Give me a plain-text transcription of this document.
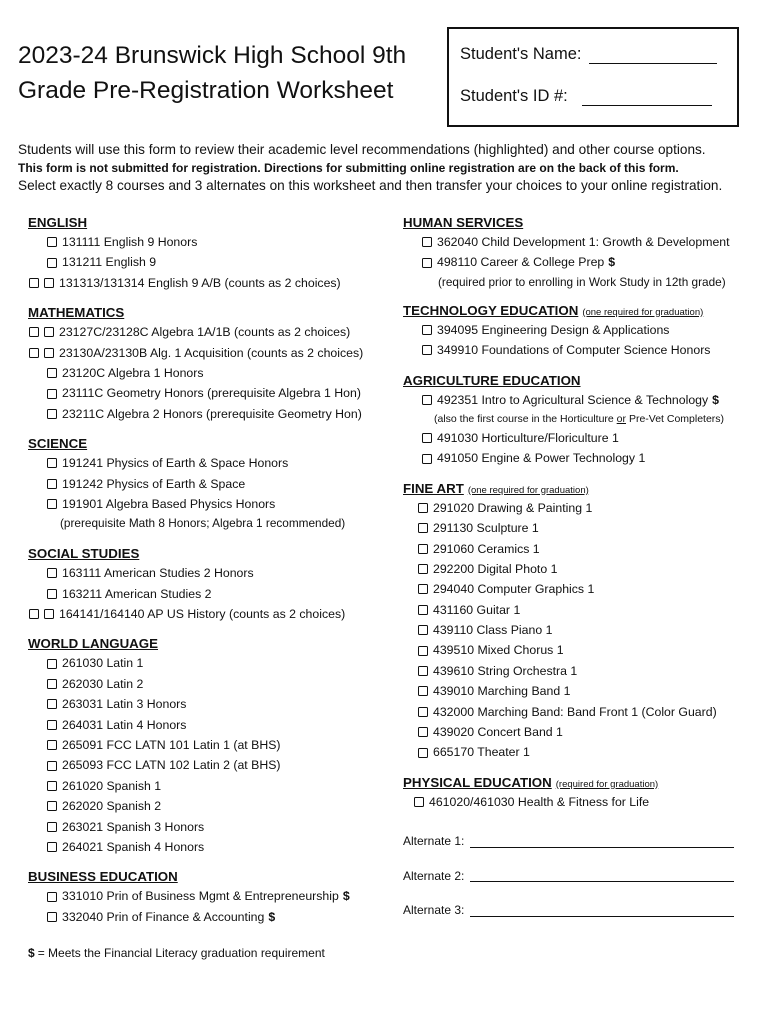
2023-24 Brunswick High School 9th Grade Pre-Registration Worksheet
Student's Name:
Student's ID #:

Students will use this form to review their academic level recommendations (highlighted) and other course options.

This form is not submitted for registration. Directions for submitting online registration are on the back of this form.

Select exactly 8 courses and 3 alternates on this worksheet and then transfer your choices to your online registration.

ENGLISH
131111 English 9 Honors
131211 English 9
131313/131314 English 9 A/B (counts as 2 choices)
MATHEMATICS
23127C/23128C Algebra 1A/1B (counts as 2 choices)
23130A/23130B Alg. 1 Acquisition (counts as 2 choices)
23120C Algebra 1 Honors
23111C Geometry Honors (prerequisite Algebra 1 Hon)
23211C Algebra 2 Honors (prerequisite Geometry Hon)
SCIENCE
191241 Physics of Earth & Space Honors
191242 Physics of Earth & Space
191901 Algebra Based Physics Honors
(prerequisite Math 8 Honors; Algebra 1 recommended)
SOCIAL STUDIES
163111 American Studies 2 Honors
163211 American Studies 2
164141/164140 AP US History (counts as 2 choices)
WORLD LANGUAGE
261030 Latin 1
262030 Latin 2
263031 Latin 3 Honors
264031 Latin 4 Honors
265091 FCC LATN 101 Latin 1 (at BHS)
265093 FCC LATN 102 Latin 2 (at BHS)
261020 Spanish 1
262020 Spanish 2
263021 Spanish 3 Honors
264021 Spanish 4 Honors
BUSINESS EDUCATION
331010 Prin of Business Mgmt & Entrepreneurship $
332040 Prin of Finance & Accounting $
HUMAN SERVICES
362040 Child Development 1: Growth & Development
498110 Career & College Prep $
(required prior to enrolling in Work Study in 12th grade)
TECHNOLOGY EDUCATION (one required for graduation)
394095 Engineering Design & Applications
349910 Foundations of Computer Science Honors
AGRICULTURE EDUCATION
492351 Intro to Agricultural Science & Technology $
(also the first course in the Horticulture or Pre-Vet Completers)
491030 Horticulture/Floriculture 1
491050 Engine & Power Technology 1
FINE ART (one required for graduation)
291020 Drawing & Painting 1
291130 Sculpture 1
291060 Ceramics 1
292200 Digital Photo 1
294040 Computer Graphics 1
431160 Guitar 1
439110 Class Piano 1
439510 Mixed Chorus 1
439610 String Orchestra 1
439010 Marching Band 1
432000 Marching Band: Band Front 1 (Color Guard)
439020 Concert Band 1
665170 Theater 1
PHYSICAL EDUCATION (required for graduation)
461020/461030 Health & Fitness for Life
Alternate 1:
Alternate 2:
Alternate 3:
$ = Meets the Financial Literacy graduation requirement
